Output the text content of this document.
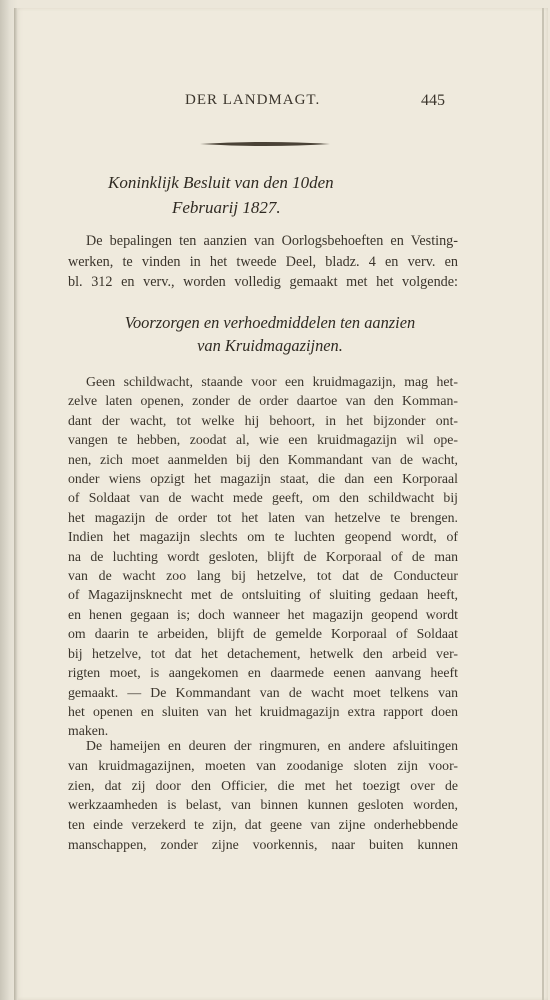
DER LANDMAGT.	445
Koninklijk Besluit van den 10den
Februarij 1827.
De bepalingen ten aanzien van Oorlogsbehoeften en Vesting-
werken, te vinden in het tweede Deel, bladz. 4 en verv. en
bl. 312 en verv., worden volledig gemaakt met het volgende:
Voorzorgen en verhoedmiddelen ten aanzien
van Kruidmagazijnen.
Geen schildwacht, staande voor een kruidmagazijn, mag het-
zelve laten openen, zonder de order daartoe van den Komman-
dant der wacht, tot welke hij behoort, in het bijzonder ont-
vangen te hebben, zoodat al, wie een kruidmagazijn wil ope-
nen, zich moet aanmelden bij den Kommandant van de wacht,
onder wiens opzigt het magazijn staat, die dan een Korporaal
of Soldaat van de wacht mede geeft, om den schildwacht bij
het magazijn de order tot het laten van hetzelve te brengen.
Indien het magazijn slechts om te luchten geopend wordt, of
na de luchting wordt gesloten, blijft de Korporaal of de man
van de wacht zoo lang bij hetzelve, tot dat de Conducteur
of Magazijnsknecht met de ontsluiting of sluiting gedaan heeft,
en henen gegaan is; doch wanneer het magazijn geopend wordt
om daarin te arbeiden, blijft de gemelde Korporaal of Soldaat
bij hetzelve, tot dat het detachement, hetwelk den arbeid ver-
rigten moet, is aangekomen en daarmede eenen aanvang heeft
gemaakt. — De Kommandant van de wacht moet telkens van
het openen en sluiten van het kruidmagazijn extra rapport doen
maken.
De hameijen en deuren der ringmuren, en andere afsluitingen
van kruidmagazijnen, moeten van zoodanige sloten zijn voor-
zien, dat zij door den Officier, die met het toezigt over de
werkzaamheden is belast, van binnen kunnen gesloten worden,
ten einde verzekerd te zijn, dat geene van zijne onderhebbende
manschappen, zonder zijne voorkennis, naar buiten kunnen
